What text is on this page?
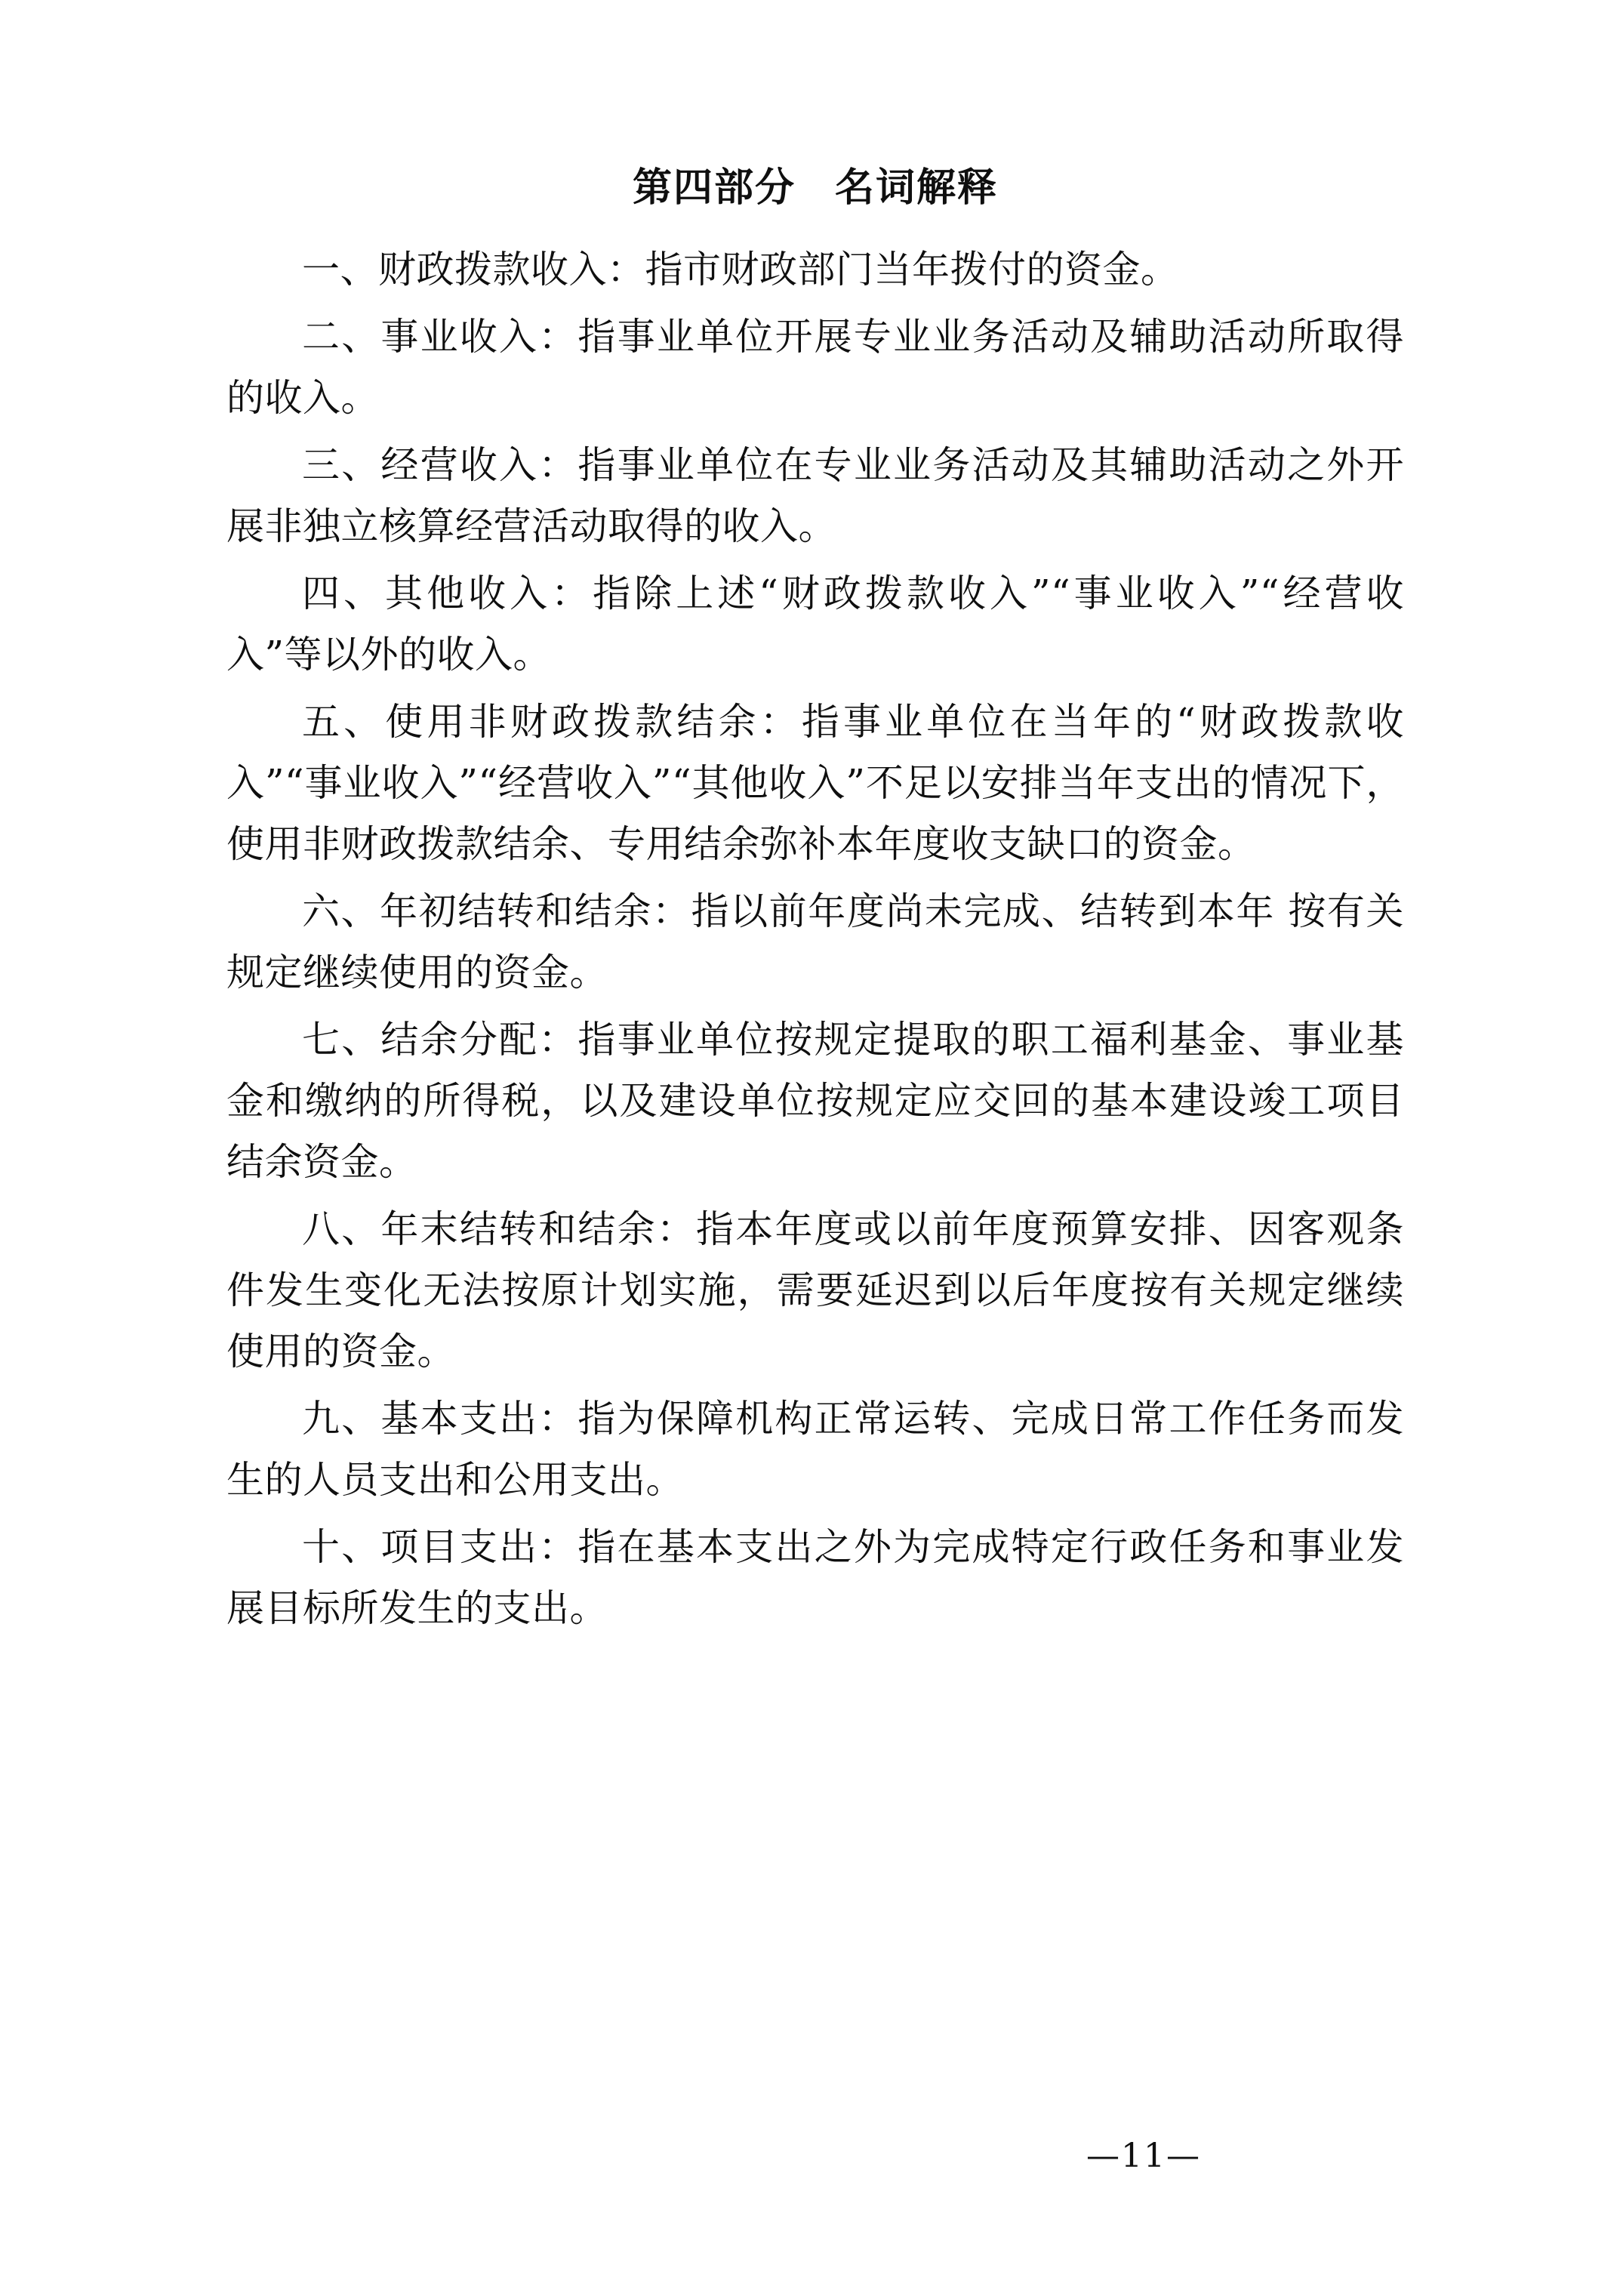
第四部分 名词解释

一、财政拨款收入：指市财政部门当年拨付的资金。

二、事业收入：指事业单位开展专业业务活动及辅助活动所取得的收入。

三、经营收入：指事业单位在专业业务活动及其辅助活动之外开展非独立核算经营活动取得的收入。

四、其他收入：指除上述“财政拨款收入”“事业收入”“经营收入”等以外的收入。

五、使用非财政拨款结余：指事业单位在当年的“财政拨款收入”“事业收入”“经营收入”“其他收入”不足以安排当年支出的情况下，使用非财政拨款结余、专用结余弥补本年度收支缺口的资金。

六、年初结转和结余：指以前年度尚未完成、结转到本年 按有关规定继续使用的资金。

七、结余分配：指事业单位按规定提取的职工福利基金、事业基金和缴纳的所得税，以及建设单位按规定应交回的基本建设竣工项目结余资金。

八、年末结转和结余：指本年度或以前年度预算安排、因客观条件发生变化无法按原计划实施，需要延迟到以后年度按有关规定继续使用的资金。

九、基本支出：指为保障机构正常运转、完成日常工作任务而发生的人员支出和公用支出。

十、项目支出：指在基本支出之外为完成特定行政任务和事业发展目标所发生的支出。

—11—
